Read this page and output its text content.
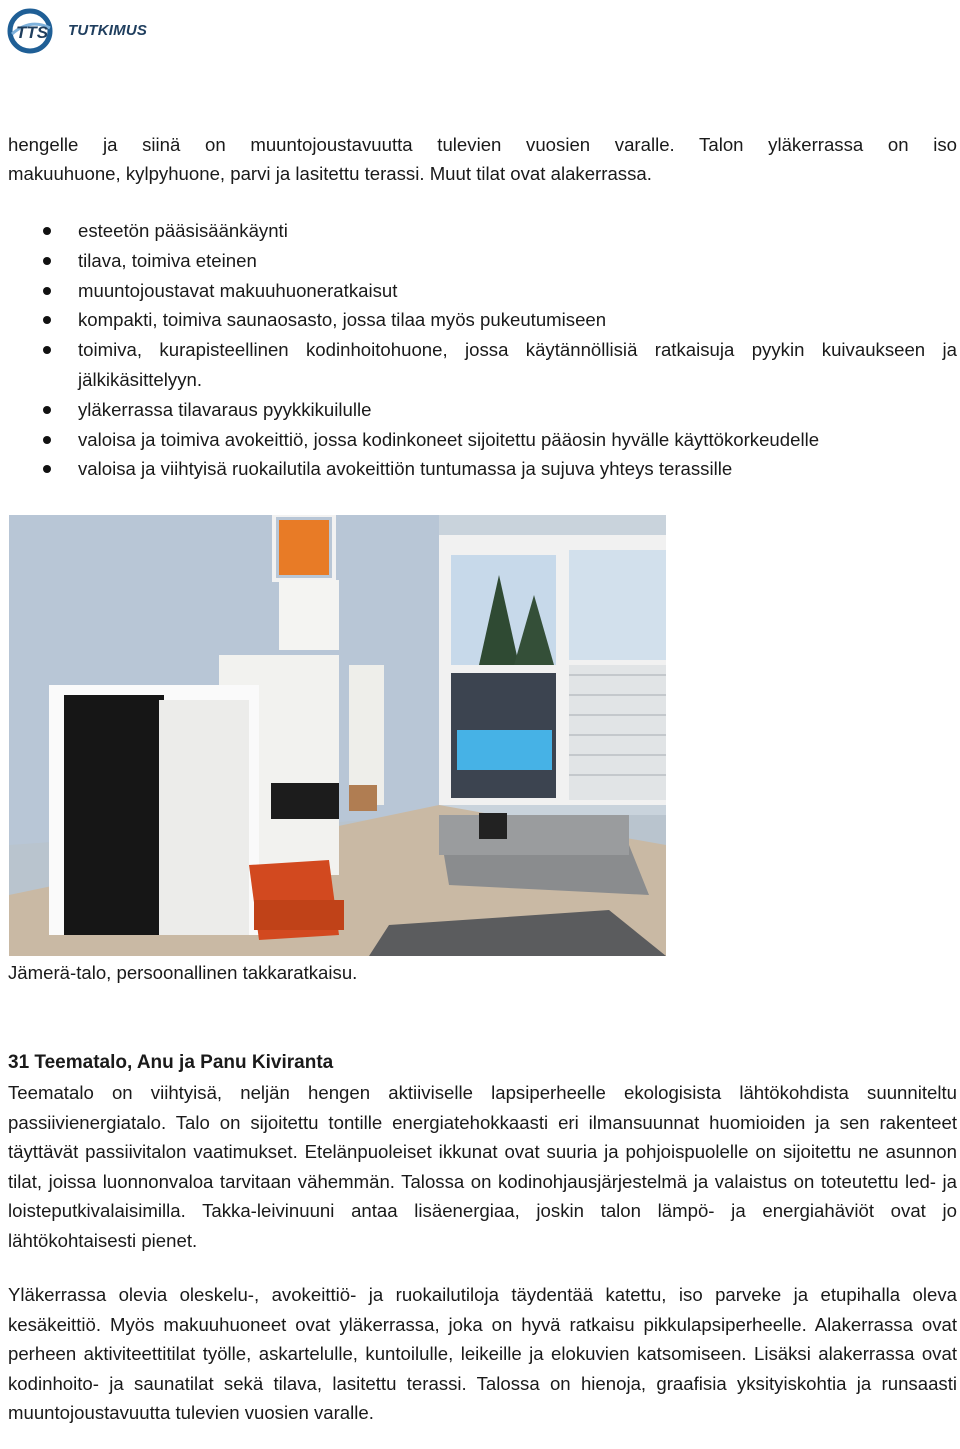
TTS TUTKIMUS
hengelle ja siinä on muuntojoustavuutta tulevien vuosien varalle. Talon yläkerrassa on iso
makuuhuone, kylpyhuone, parvi ja lasitettu terassi. Muut tilat ovat alakerrassa.
esteetön pääsisäänkäynti
tilava, toimiva eteinen
muuntojoustavat makuuhuoneratkaisut
kompakti, toimiva saunaosasto, jossa tilaa myös pukeutumiseen
toimiva, kurapisteellinen kodinhoitohuone, jossa käytännöllisiä ratkaisuja pyykin kuivaukseen ja jälkikäsittelyyn.
yläkerrassa tilavaraus pyykkikuilulle
valoisa ja toimiva avokeittiö, jossa kodinkoneet sijoitettu pääosin hyvälle käyttökorkeudelle
valoisa ja viihtyisä ruokailutila avokeittiön tuntumassa ja sujuva yhteys terassille
Jämerä-talo, persoonallinen takkaratkaisu.
31 Teematalo, Anu ja Panu Kiviranta
Teematalo on viihtyisä, neljän hengen aktiiviselle lapsiperheelle ekologisista lähtökohdista suunniteltu passiivienergiatalo. Talo on sijoitettu tontille energiatehokkaasti eri ilmansuunnat huomioiden ja sen rakenteet täyttävät passiivitalon vaatimukset. Etelänpuoleiset ikkunat ovat suuria ja pohjoispuolelle on sijoitettu ne asunnon tilat, joissa luonnonvaloa tarvitaan vähemmän. Talossa on kodinohjausjärjestelmä ja valaistus on toteutettu led- ja loisteputkivalaisimilla. Takka-leivinuuni antaa lisäenergiaa, joskin talon lämpö- ja energiahäviöt ovat jo lähtökohtaisesti pienet.
Yläkerrassa olevia oleskelu-, avokeittiö- ja ruokailutiloja täydentää katettu, iso parveke ja etupihalla oleva kesäkeittiö. Myös makuuhuoneet ovat yläkerrassa, joka on hyvä ratkaisu pikkulapsiperheelle. Alakerrassa ovat perheen aktiviteettitilat työlle, askartelulle, kuntoilulle, leikeille ja elokuvien katsomiseen. Lisäksi alakerrassa ovat kodinhoito- ja saunatilat sekä tilava, lasitettu terassi. Talossa on hienoja, graafisia yksityiskohtia ja runsaasti muuntojoustavuutta tulevien vuosien varalle.
